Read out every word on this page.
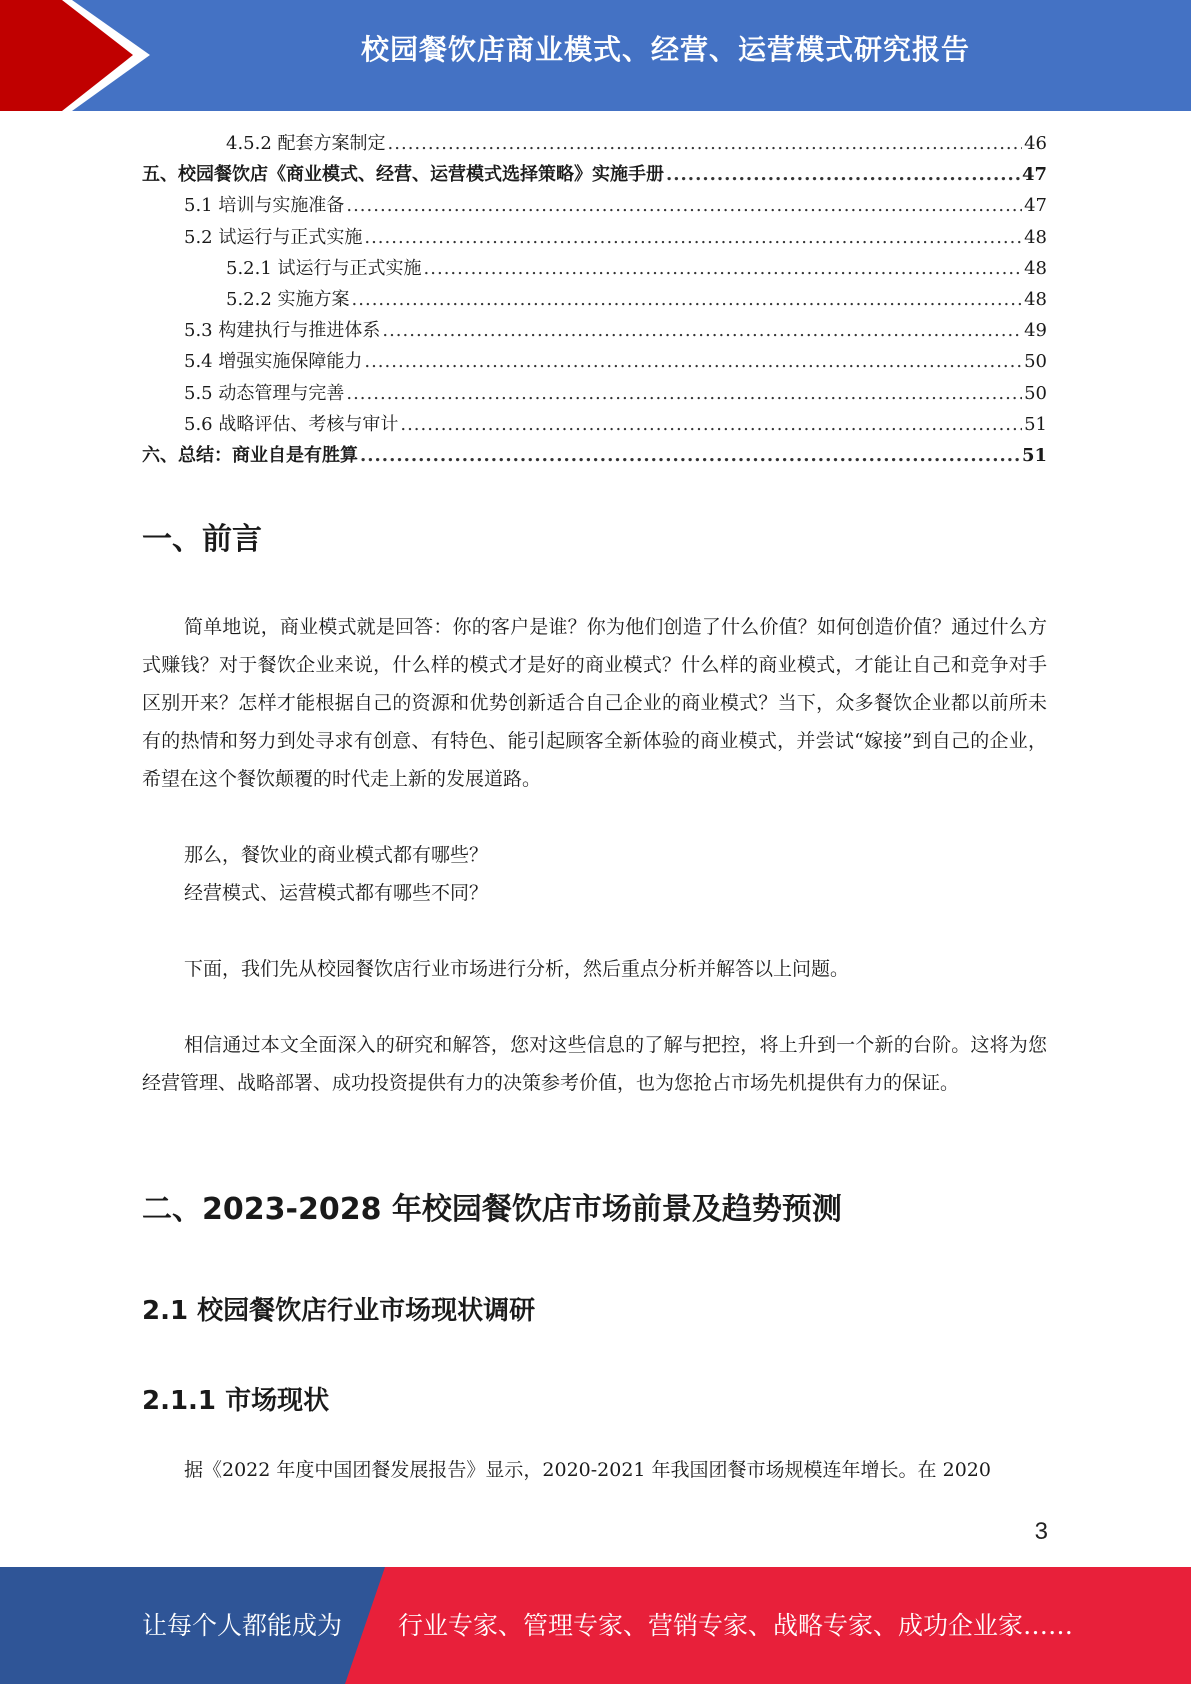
校园餐饮店商业模式、经营、运营模式研究报告
4.5.2 配套方案制定 .....	46
五、校园餐饮店《商业模式、经营、运营模式选择策略》实施手册 .....	47
5.1 培训与实施准备 .....	47
5.2 试运行与正式实施 .....	48
5.2.1 试运行与正式实施 .....	48
5.2.2 实施方案 .....	48
5.3 构建执行与推进体系 .....	49
5.4 增强实施保障能力 .....	50
5.5 动态管理与完善 .....	50
5.6 战略评估、考核与审计 .....	51
六、总结：商业自是有胜算 .....	51
一、前言

简单地说，商业模式就是回答：你的客户是谁？你为他们创造了什么价值？如何创造价值？通过什么方式赚钱？对于餐饮企业来说，什么样的模式才是好的商业模式？什么样的商业模式，才能让自己和竞争对手区别开来？怎样才能根据自己的资源和优势创新适合自己企业的商业模式？当下，众多餐饮企业都以前所未有的热情和努力到处寻求有创意、有特色、能引起顾客全新体验的商业模式，并尝试“嫁接”到自己的企业，希望在这个餐饮颠覆的时代走上新的发展道路。

那么，餐饮业的商业模式都有哪些？

经营模式、运营模式都有哪些不同？

下面，我们先从校园餐饮店行业市场进行分析，然后重点分析并解答以上问题。

相信通过本文全面深入的研究和解答，您对这些信息的了解与把控，将上升到一个新的台阶。这将为您经营管理、战略部署、成功投资提供有力的决策参考价值，也为您抢占市场先机提供有力的保证。

二、2023-2028 年校园餐饮店市场前景及趋势预测
2.1 校园餐饮店行业市场现状调研
2.1.1 市场现状

据《2022 年度中国团餐发展报告》显示，2020-2021 年我国团餐市场规模连年增长。在 2020

3
让每个人都能成为 行业专家、管理专家、营销专家、战略专家、成功企业家……
